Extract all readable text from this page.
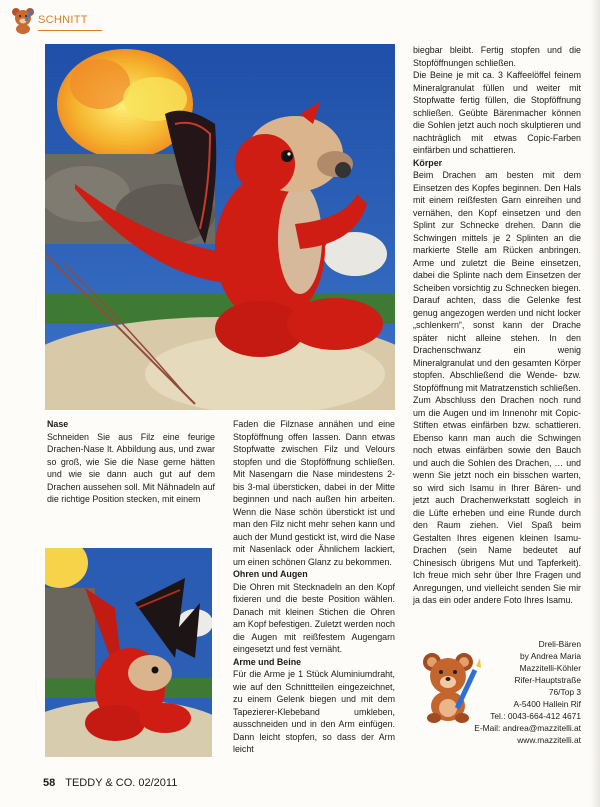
SCHNITT
Nase

Schneiden Sie aus Filz eine feurige Drachen-Nase lt. Abbildung aus, und zwar so groß, wie Sie die Nase gerne hätten und wie sie dann auch gut auf dem Drachen aussehen soll. Mit Nähnadeln auf die richtige Position stecken, mit einem

Faden die Filznase annähen und eine Stopföffnung offen lassen. Dann etwas Stopfwatte zwischen Filz und Velours stopfen und die Stopföffnung schließen. Mit Nasengarn die Nase mindestens 2- bis 3-mal übersticken, dabei in der Mitte beginnen und nach außen hin arbeiten. Wenn die Nase schön überstickt ist und man den Filz nicht mehr sehen kann und auch der Mund gestickt ist, wird die Nase mit Nasenlack oder Ähnlichem lackiert, um einen schönen Glanz zu bekommen.

Ohren und Augen

Die Ohren mit Stecknadeln an den Kopf fixieren und die beste Position wählen. Danach mit kleinen Stichen die Ohren am Kopf befestigen. Zuletzt werden noch die Augen mit reißfestem Augengarn eingesetzt und fest vernäht.

Arme und Beine

Für die Arme je 1 Stück Aluminiumdraht, wie auf den Schnittteilen eingezeichnet, zu einem Gelenk biegen und mit dem Tapezierer-Klebeband umkleben, ausschneiden und in den Arm einfügen. Dann leicht stopfen, so dass der Arm leicht

biegbar bleibt. Fertig stopfen und die Stopföffnungen schließen.

Die Beine je mit ca. 3 Kaffeelöffel feinem Mineralgranulat füllen und weiter mit Stopfwatte fertig füllen, die Stopföffnung schließen. Geübte Bärenmacher können die Sohlen jetzt auch noch skulptieren und nachträglich mit etwas Copic-Farben einfärben und schattieren.

Körper

Beim Drachen am besten mit dem Einsetzen des Kopfes beginnen. Den Hals mit einem reißfesten Garn einreihen und vernähen, den Kopf einsetzen und den Splint zur Schnecke drehen. Dann die Schwingen mittels je 2 Splinten an die markierte Stelle am Rücken anbringen. Arme und zuletzt die Beine einsetzen, dabei die Splinte nach dem Einsetzen der Scheiben vorsichtig zu Schnecken biegen. Darauf achten, dass die Gelenke fest genug angezogen werden und nicht locker „schlenkern“, sonst kann der Drache später nicht alleine stehen. In den Drachenschwanz ein wenig Mineralgranulat und den gesamten Körper stopfen. Abschließend die Wende- bzw. Stopföffnung mit Matratzenstich schließen.

Zum Abschluss den Drachen noch rund um die Augen und im Innenohr mit Copic-Stiften etwas einfärben bzw. schattieren. Ebenso kann man auch die Schwingen noch etwas einfärben sowie den Bauch und auch die Sohlen des Drachen, … und wenn Sie jetzt noch ein bisschen warten, so wird sich Isamu in Ihrer Bären- und jetzt auch Drachenwerkstatt sogleich in die Lüfte erheben und eine Runde durch den Raum ziehen. Viel Spaß beim Gestalten Ihres eigenen kleinen Isamu-Drachen (sein Name bedeutet auf Chinesisch übrigens Mut und Tapferkeit). Ich freue mich sehr über Ihre Fragen und Anregungen, und vielleicht senden Sie mir ja das ein oder andere Foto Ihres Isamu.

Dreli-Bären
by Andrea Maria
Mazzitelli-Köhler
Rifer-Hauptstraße
76/Top 3
A-5400 Hallein Rif
Tel.: 0043-664-412 4671
E-Mail: andrea@mazzitelli.at
www.mazzitelli.at
58 TEDDY & CO. 02/2011
